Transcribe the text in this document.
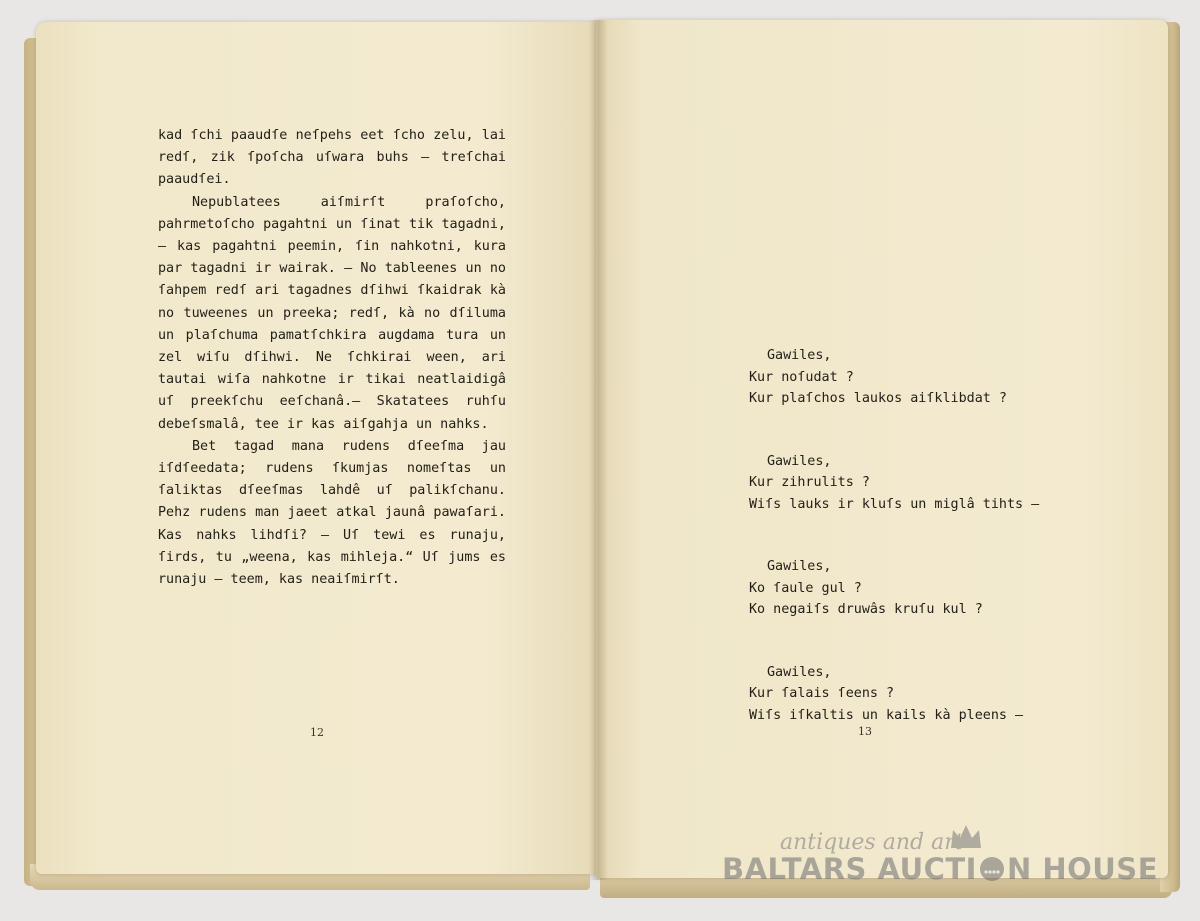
kad ſchi paaudſe neſpehs eet ſcho zelu, lai redſ, zik ſpoſcha uſwara buhs — treſchai paaudſei.

Nepublatees aiſmirſt praſoſcho, pahrmetoſcho pagahtni un ſinat tik tagadni, — kas pagahtni peemin, ſin nahkotni, kura par tagadni ir wairak. — No tableenes un no ſahpem redſ ari tagadnes dſihwi ſkaidrak kà no tuweenes un preeka; redſ, kà no dſiluma un plaſchuma pamatſchkira augdama tura un zel wiſu dſihwi. Ne ſchkirai ween, ari tautai wiſa nahkotne ir tikai neatlaidigâ uſ preekſchu eeſchanâ.— Skatatees ruhſu debeſsmalâ, tee ir kas aiſgahja un nahks.

Bet tagad mana rudens dſeeſma jau iſdſeedata; rudens ſkumjas nomeſtas un ſaliktas dſeeſmas lahdê uſ palikſchanu. Pehz rudens man jaeet atkal jaunâ pawaſari. Kas nahks lihdſi? — Uſ tewi es runaju, ſirds, tu „weena, kas mihleja.“ Uſ jums es runaju — teem, kas neaiſmirſt.

12
Gawiles,
Kur noſudat ?
Kur plaſchos laukos aiſklibdat ?
Gawiles,
Kur zihrulits ?
Wiſs lauks ir kluſs un miglâ tihts —
Gawiles,
Ko ſaule gul ?
Ko negaiſs druwâs kruſu kul ?
Gawiles,
Kur ſalais ſeens ?
Wiſs iſkaltis un kails kà pleens —
13
antiques and art
BALTARS AUCTI N HOUSE
